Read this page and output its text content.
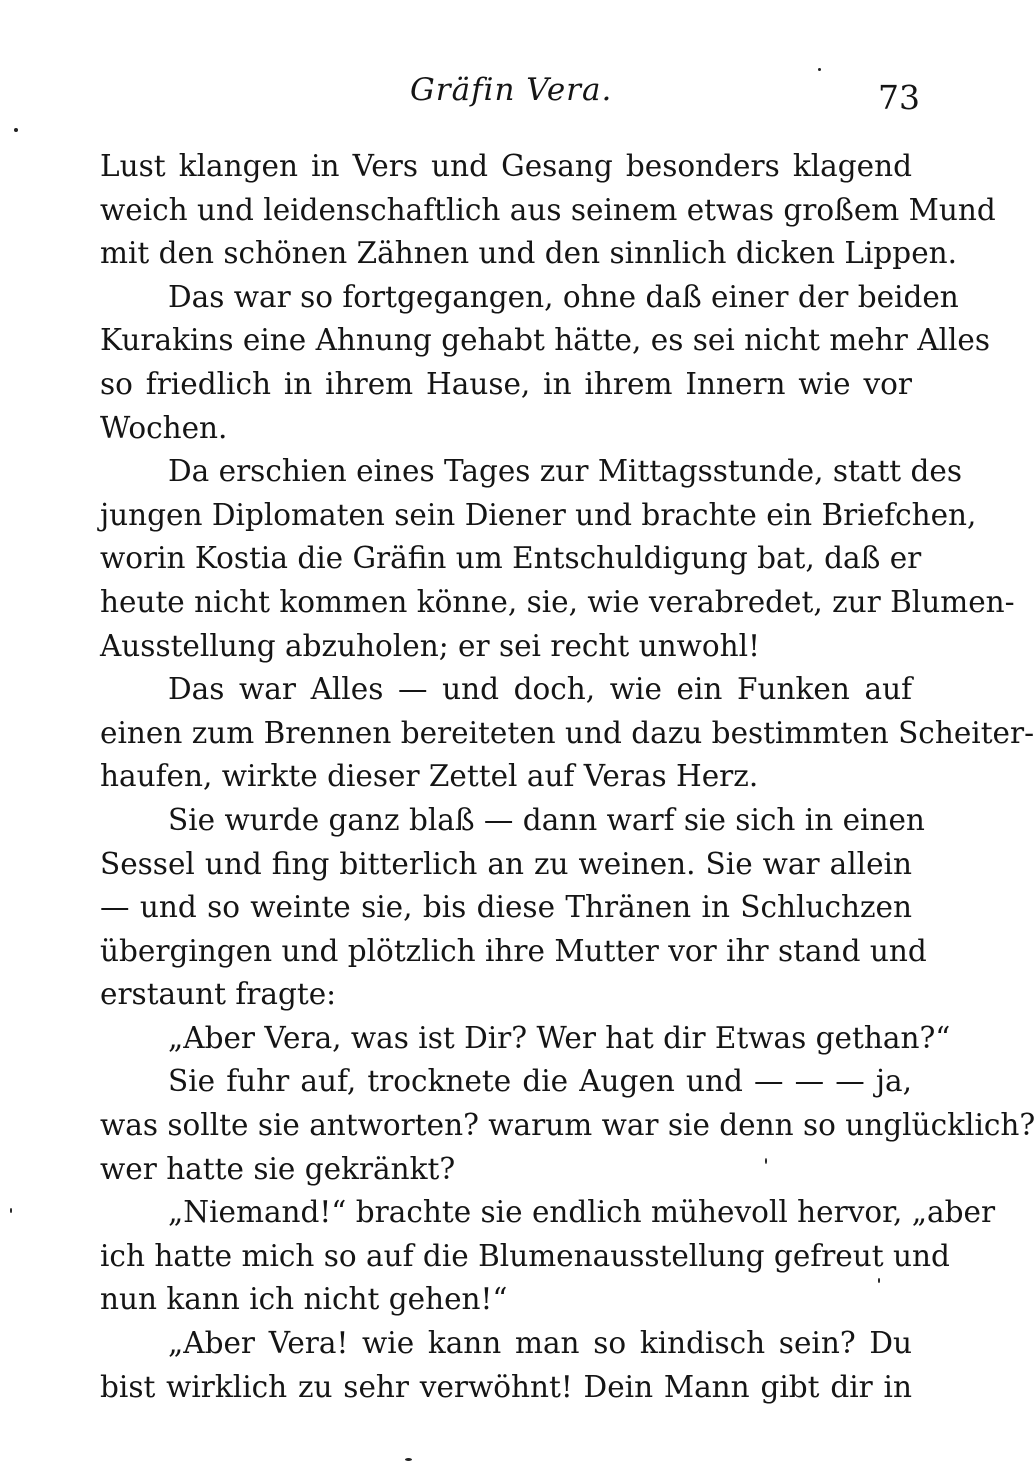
Gräfin Vera.	73
Lust klangen in Vers und Gesang besonders klagend
weich und leidenschaftlich aus seinem etwas großem Mund
mit den schönen Zähnen und den sinnlich dicken Lippen.
Das war so fortgegangen, ohne daß einer der beiden
Kurakins eine Ahnung gehabt hätte, es sei nicht mehr Alles
so friedlich in ihrem Hause, in ihrem Innern wie vor
Wochen.
Da erschien eines Tages zur Mittagsstunde, statt des
jungen Diplomaten sein Diener und brachte ein Briefchen,
worin Kostia die Gräfin um Entschuldigung bat, daß er
heute nicht kommen könne, sie, wie verabredet, zur Blumen-
Ausstellung abzuholen; er sei recht unwohl!
Das war Alles — und doch, wie ein Funken auf
einen zum Brennen bereiteten und dazu bestimmten Scheiter-
haufen, wirkte dieser Zettel auf Veras Herz.
Sie wurde ganz blaß — dann warf sie sich in einen
Sessel und fing bitterlich an zu weinen. Sie war allein
— und so weinte sie, bis diese Thränen in Schluchzen
übergingen und plötzlich ihre Mutter vor ihr stand und
erstaunt fragte:
„Aber Vera, was ist Dir? Wer hat dir Etwas gethan?“
Sie fuhr auf, trocknete die Augen und — — — ja,
was sollte sie antworten? warum war sie denn so unglücklich?
wer hatte sie gekränkt?
„Niemand!“ brachte sie endlich mühevoll hervor, „aber
ich hatte mich so auf die Blumenausstellung gefreut und
nun kann ich nicht gehen!“
„Aber Vera! wie kann man so kindisch sein? Du
bist wirklich zu sehr verwöhnt! Dein Mann gibt dir in
